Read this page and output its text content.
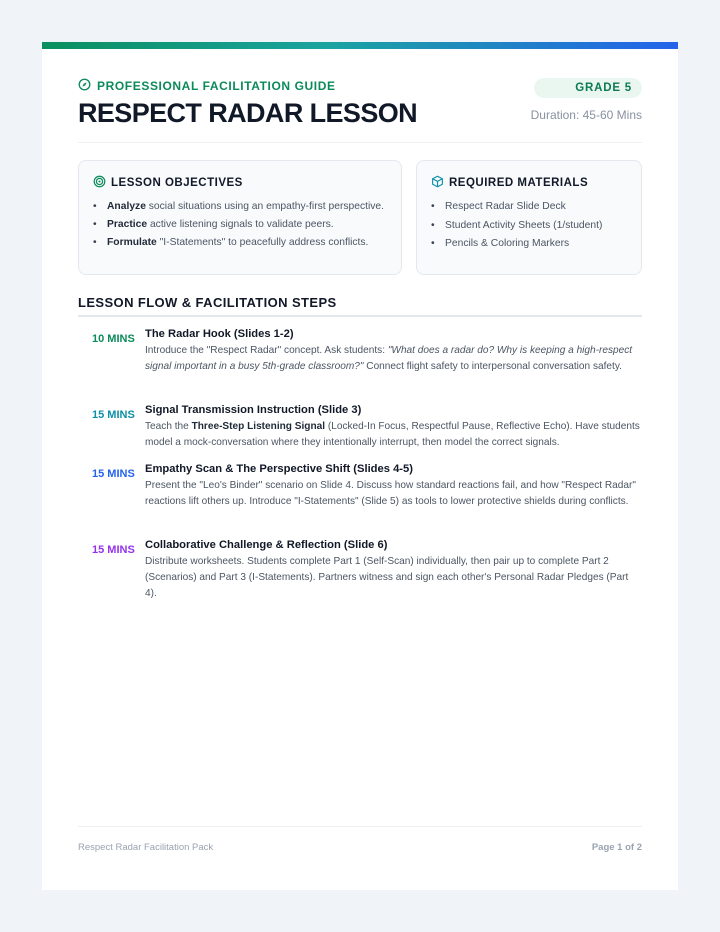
PROFESSIONAL FACILITATION GUIDE
RESPECT RADAR LESSON
GRADE 5
Duration: 45-60 Mins
LESSON OBJECTIVES
• Analyze social situations using an empathy-first perspective.
• Practice active listening signals to validate peers.
• Formulate "I-Statements" to peacefully address conflicts.
REQUIRED MATERIALS
• Respect Radar Slide Deck
• Student Activity Sheets (1/student)
• Pencils & Coloring Markers
LESSON FLOW & FACILITATION STEPS
10 MINS The Radar Hook (Slides 1-2)
Introduce the "Respect Radar" concept. Ask students: "What does a radar do? Why is keeping a high-respect signal important in a busy 5th-grade classroom?" Connect flight safety to interpersonal conversation safety.
15 MINS Signal Transmission Instruction (Slide 3)
Teach the Three-Step Listening Signal (Locked-In Focus, Respectful Pause, Reflective Echo). Have students model a mock-conversation where they intentionally interrupt, then model the correct signals.
15 MINS Empathy Scan & The Perspective Shift (Slides 4-5)
Present the "Leo's Binder" scenario on Slide 4. Discuss how standard reactions fail, and how "Respect Radar" reactions lift others up. Introduce "I-Statements" (Slide 5) as tools to lower protective shields during conflicts.
15 MINS Collaborative Challenge & Reflection (Slide 6)
Distribute worksheets. Students complete Part 1 (Self-Scan) individually, then pair up to complete Part 2 (Scenarios) and Part 3 (I-Statements). Partners witness and sign each other's Personal Radar Pledges (Part 4).
Respect Radar Facilitation Pack	Page 1 of 2
